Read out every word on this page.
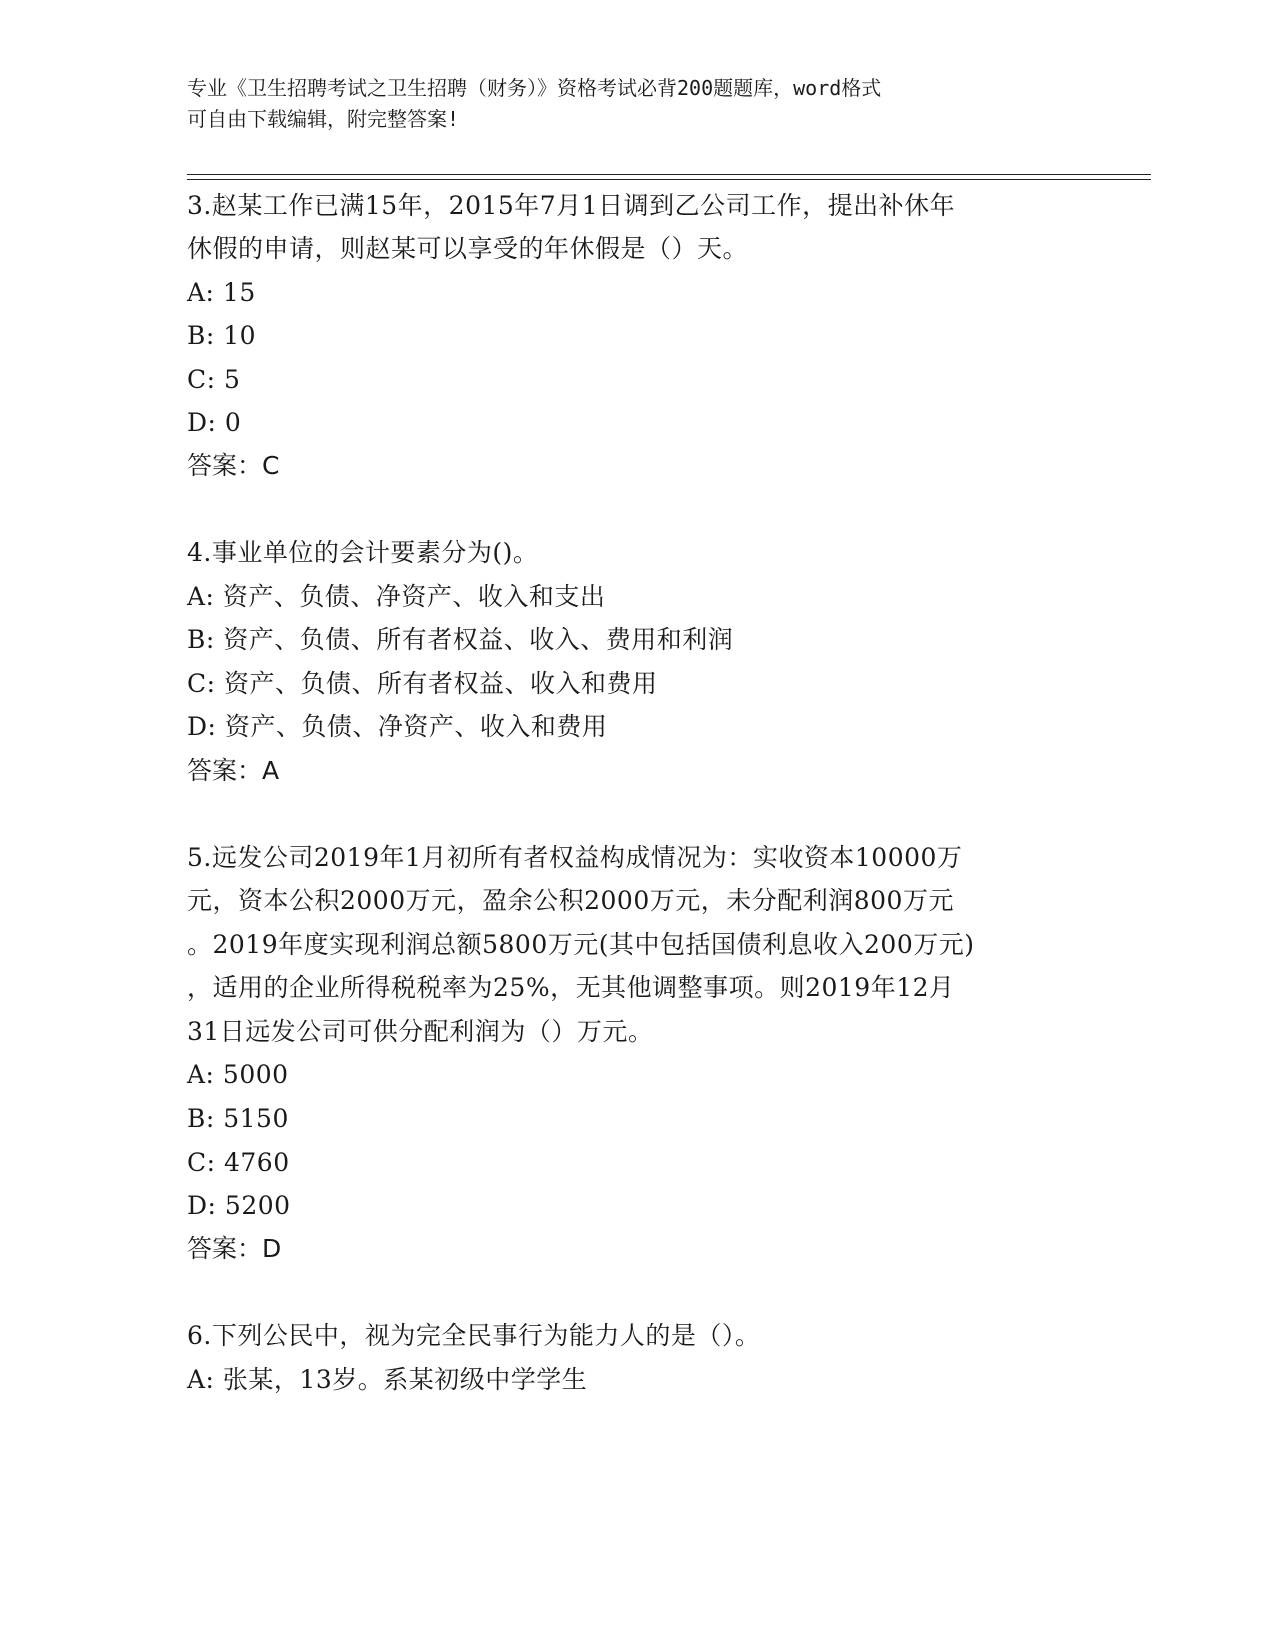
专业《卫生招聘考试之卫生招聘（财务）》资格考试必背200题题库，word格式
可自由下载编辑，附完整答案!
3.赵某工作已满15年，2015年7月1日调到乙公司工作，提出补休年
休假的申请，则赵某可以享受的年休假是（）天。
A: 15
B: 10
C: 5
D: 0
答案：C
4.事业单位的会计要素分为()。
A: 资产、负债、净资产、收入和支出
B: 资产、负债、所有者权益、收入、费用和利润
C: 资产、负债、所有者权益、收入和费用
D: 资产、负债、净资产、收入和费用
答案：A
5.远发公司2019年1月初所有者权益构成情况为：实收资本10000万
元，资本公积2000万元，盈余公积2000万元，未分配利润800万元
。2019年度实现利润总额5800万元(其中包括国债利息收入200万元)
，适用的企业所得税税率为25%，无其他调整事项。则2019年12月
31日远发公司可供分配利润为（）万元。
A: 5000
B: 5150
C: 4760
D: 5200
答案：D
6.下列公民中，视为完全民事行为能力人的是（）。
A: 张某，13岁。系某初级中学学生
